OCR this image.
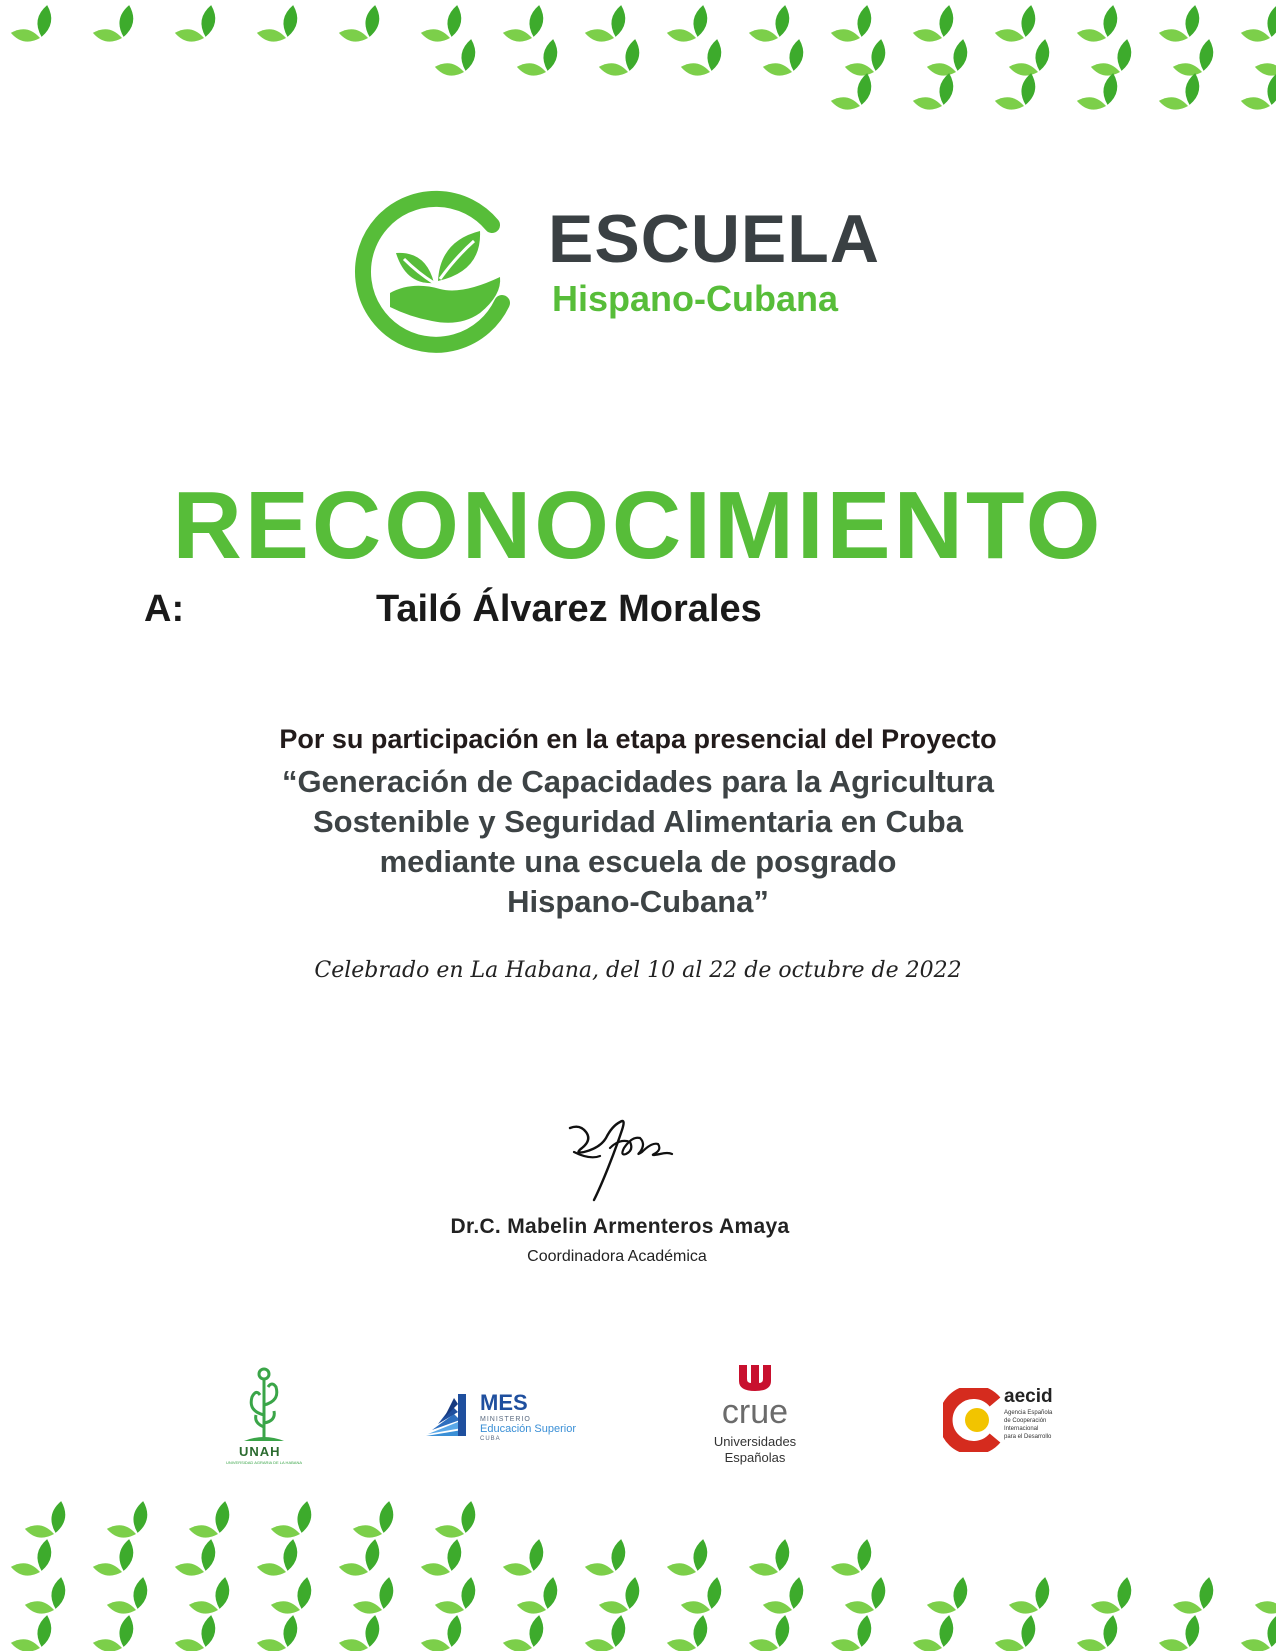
ESCUELA
Hispano-Cubana
RECONOCIMIENTO
A:	Tailó Álvarez Morales
Por su participación en la etapa presencial del Proyecto
“Generación de Capacidades para la Agricultura
Sostenible y Seguridad Alimentaria en Cuba
mediante una escuela de posgrado
Hispano-Cubana”
Celebrado en La Habana, del 10 al 22 de octubre de 2022
Dr.C. Mabelin Armenteros Amaya
Coordinadora Académica
UNAH
UNIVERSIDAD AGRARIA DE LA HABANA
MES
MINISTERIO
Educación Superior
CUBA
crue
Universidades
Españolas
aecid
Agencia Española
de Cooperación
Internacional
para el Desarrollo
